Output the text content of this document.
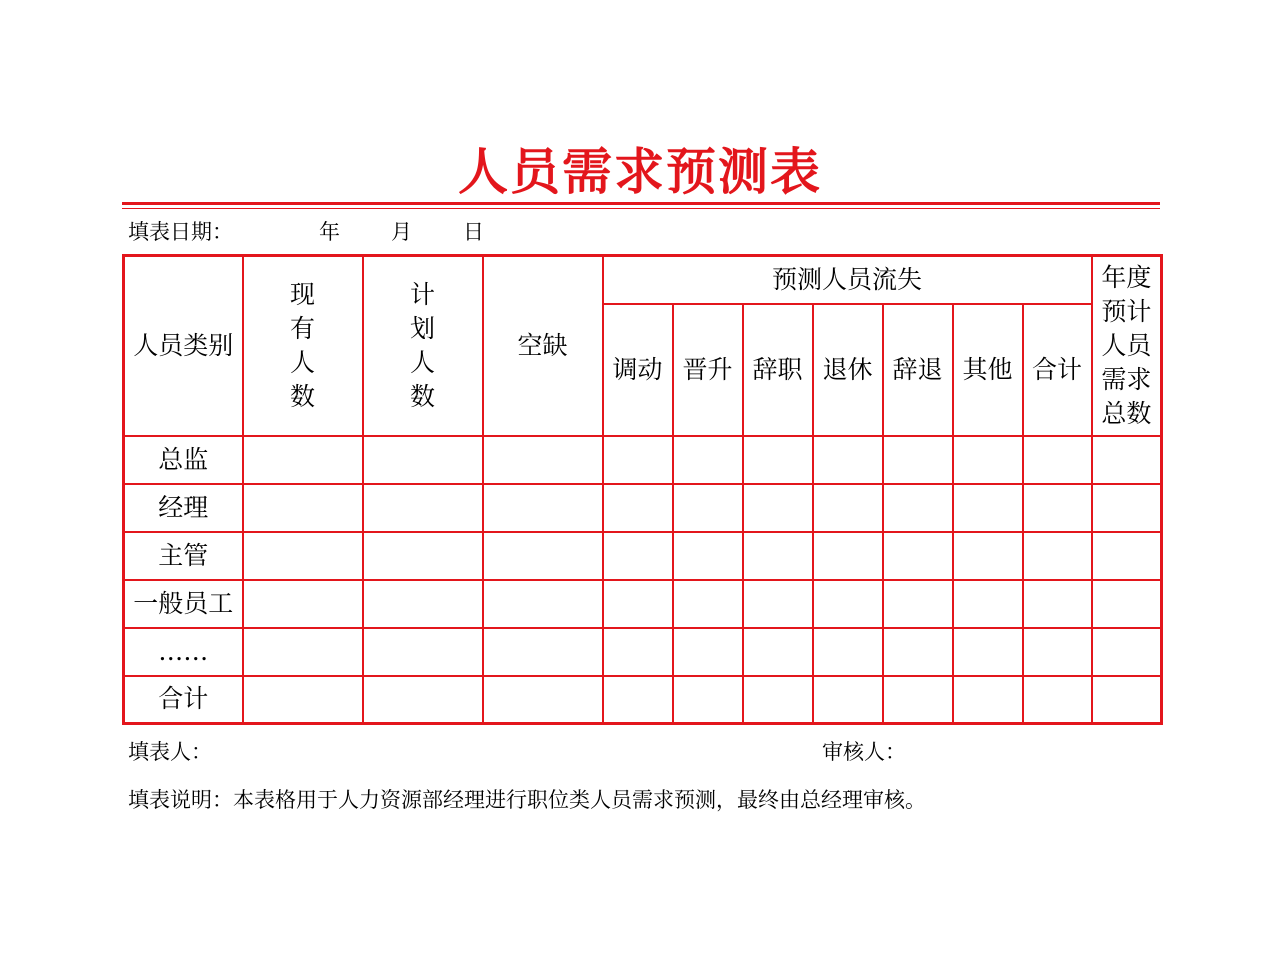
人员需求预测表
填表日期：	年 月 日
人员类别	现有人数	计划人数	空缺	预测人员流失							年度预计人员需求总数
				调动	晋升	辞职	退休	辞退	其他	合计	
总监											
经理											
主管											
一般员工											
……											
合计											
填表人：	审核人：
填表说明：本表格用于人力资源部经理进行职位类人员需求预测，最终由总经理审核。
